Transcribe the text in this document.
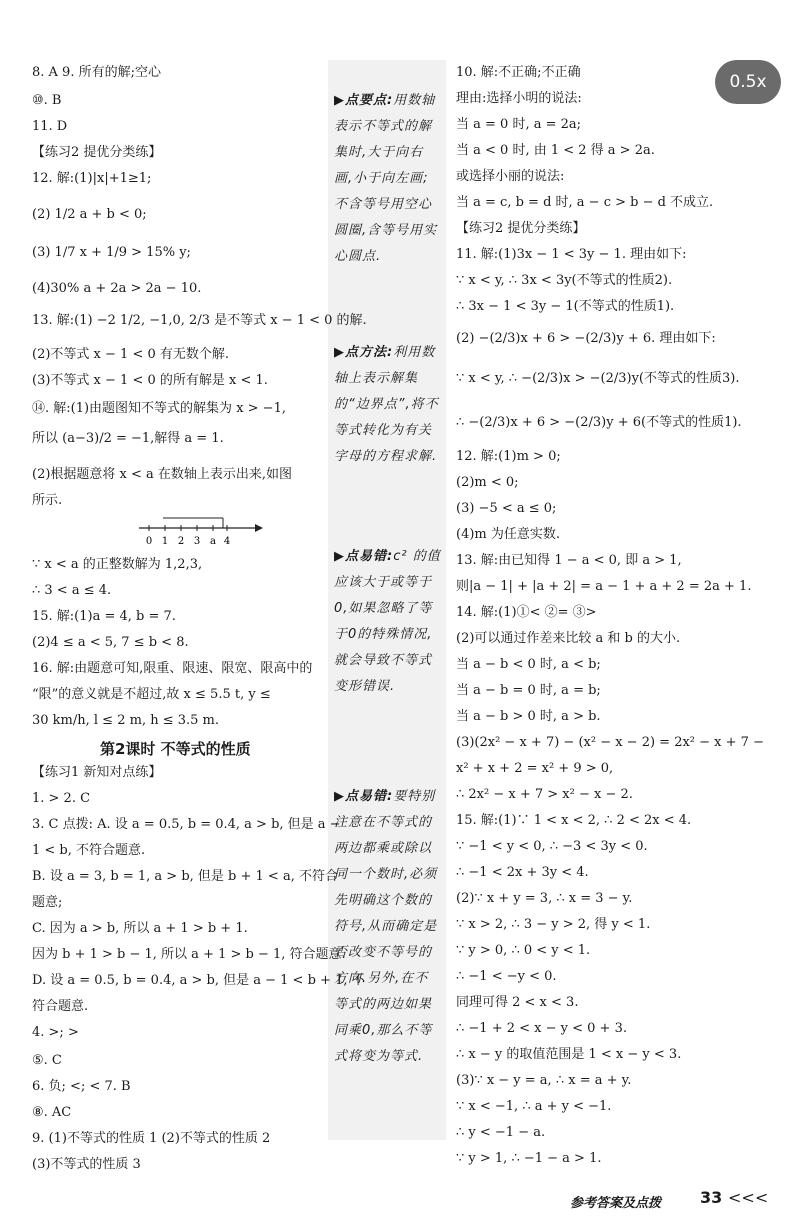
0.5x
8. A 9. 所有的解;空心
⑩. B
11. D
【练习2 提优分类练】
12. 解:(1)|x|+1≥1;
(2) 1/2 a + b < 0;
(3) 1/7 x + 1/9 > 15% y;
(4)30% a + 2a > 2a − 10.
13. 解:(1) −2 1/2, −1,0, 2/3 是不等式 x − 1 < 0 的解.
(2)不等式 x − 1 < 0 有无数个解.
(3)不等式 x − 1 < 0 的所有解是 x < 1.
⑭. 解:(1)由题图知不等式的解集为 x > −1,
所以 (a−3)/2 = −1,解得 a = 1.
(2)根据题意将 x < a 在数轴上表示出来,如图
所示.
∵ x < a 的正整数解为 1,2,3,
∴ 3 < a ≤ 4.
15. 解:(1)a = 4, b = 7.
(2)4 ≤ a < 5, 7 ≤ b < 8.
16. 解:由题意可知,限重、限速、限宽、限高中的
“限”的意义就是不超过,故 x ≤ 5.5 t, y ≤
30 km/h, l ≤ 2 m, h ≤ 3.5 m.
【练习1 新知对点练】
1. > 2. C
3. C 点拨: A. 设 a = 0.5, b = 0.4, a > b, 但是 a −
1 < b, 不符合题意.
B. 设 a = 3, b = 1, a > b, 但是 b + 1 < a, 不符合
题意;
C. 因为 a > b, 所以 a + 1 > b + 1.
因为 b + 1 > b − 1, 所以 a + 1 > b − 1, 符合题意.
D. 设 a = 0.5, b = 0.4, a > b, 但是 a − 1 < b + 1, 不
符合题意.
4. >; >
⑤. C
6. 负; <; < 7. B
⑧. AC
9. (1)不等式的性质 1 (2)不等式的性质 2
(3)不等式的性质 3
10. 解:不正确;不正确
理由:选择小明的说法:
当 a = 0 时, a = 2a;
当 a < 0 时, 由 1 < 2 得 a > 2a.
或选择小丽的说法:
当 a = c, b = d 时, a − c > b − d 不成立.
【练习2 提优分类练】
11. 解:(1)3x − 1 < 3y − 1. 理由如下:
∵ x < y, ∴ 3x < 3y(不等式的性质2).
∴ 3x − 1 < 3y − 1(不等式的性质1).
(2) −(2/3)x + 6 > −(2/3)y + 6. 理由如下:
∵ x < y, ∴ −(2/3)x > −(2/3)y(不等式的性质3).
∴ −(2/3)x + 6 > −(2/3)y + 6(不等式的性质1).
12. 解:(1)m > 0;
(2)m < 0;
(3) −5 < a ≤ 0;
(4)m 为任意实数.
13. 解:由已知得 1 − a < 0, 即 a > 1,
则|a − 1| + |a + 2| = a − 1 + a + 2 = 2a + 1.
14. 解:(1)①< ②= ③>
(2)可以通过作差来比较 a 和 b 的大小.
当 a − b < 0 时, a < b;
当 a − b = 0 时, a = b;
当 a − b > 0 时, a > b.
(3)(2x² − x + 7) − (x² − x − 2) = 2x² − x + 7 −
x² + x + 2 = x² + 9 > 0,
∴ 2x² − x + 7 > x² − x − 2.
15. 解:(1)∵ 1 < x < 2, ∴ 2 < 2x < 4.
∵ −1 < y < 0, ∴ −3 < 3y < 0.
∴ −1 < 2x + 3y < 4.
(2)∵ x + y = 3, ∴ x = 3 − y.
∵ x > 2, ∴ 3 − y > 2, 得 y < 1.
∵ y > 0, ∴ 0 < y < 1.
∴ −1 < −y < 0.
同理可得 2 < x < 3.
∴ −1 + 2 < x − y < 0 + 3.
∴ x − y 的取值范围是 1 < x − y < 3.
(3)∵ x − y = a, ∴ x = a + y.
∵ x < −1, ∴ a + y < −1.
∴ y < −1 − a.
∵ y > 1, ∴ −1 − a > 1.
▶点要点:用数轴表示不等式的解集时,大于向右画,小于向左画;不含等号用空心圆圈,含等号用实心圆点.
▶点方法:利用数轴上表示解集的“边界点”,将不等式转化为有关字母的方程求解.
▶点易错:c² 的值应该大于或等于0,如果忽略了等于0的特殊情况,就会导致不等式变形错误.
▶点易错:要特别注意在不等式的两边都乘或除以同一个数时,必须先明确这个数的符号,从而确定是否改变不等号的方向.另外,在不等式的两边如果同乘0,那么不等式将变为等式.
第2课时 不等式的性质
0 1 2 3 a 4
参考答案及点拨 33 <<<
